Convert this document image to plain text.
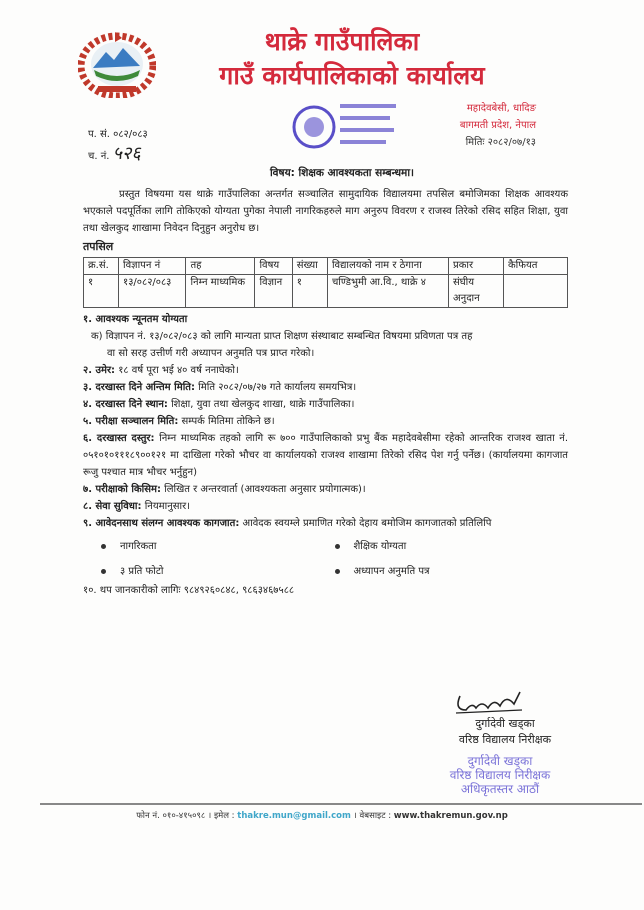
थाक्रे गाउँपालिका
गाउँ कार्यपालिकाको कार्यालय
महादेवबेसी, धादिङ
बागमती प्रदेश, नेपाल
मितिः २०८२/०७/१३
प. सं. ०८२/०८३
च. नं. ५२६
विषय: शिक्षक आवश्यकता सम्बन्धमा।

प्रस्तुत विषयमा यस थाक्रे गाउँपालिका अन्तर्गत सञ्चालित सामुदायिक विद्यालयमा तपसिल बमोजिमका शिक्षक आवश्यक भएकाले पदपूर्तिका लागि तोकिएको योग्यता पुगेका नेपाली नागरिकहरुले माग अनुरुप विवरण र राजस्व तिरेको रसिद सहित शिक्षा, युवा तथा खेलकुद शाखामा निवेदन दिनुहुन अनुरोध छ।

तपसिल
क्र.सं.	विज्ञापन नं	तह	विषय	संख्या	विद्यालयको नाम र ठेगाना	प्रकार	कैफियत
१	१३/०८२/०८३	निम्न माध्यमिक	विज्ञान	१	चण्डिभुमी आ.वि., थाक्रे ४	संघीय अनुदान	

१. आवश्यक न्यूनतम योग्यता

क) विज्ञापन नं. १३/०८२/०८३ को लागि मान्यता प्राप्त शिक्षण संस्थाबाट सम्बन्धित विषयमा प्रविणता पत्र तह

वा सो सरह उत्तीर्ण गरी अध्यापन अनुमति पत्र प्राप्त गरेको।

२. उमेर: १८ वर्ष पूरा भई ४० वर्ष ननाघेको।

३. दरखास्त दिने अन्तिम मिति: मिति २०८२/०७/२७ गते कार्यालय समयभित्र।

४. दरखास्त दिने स्थान: शिक्षा, युवा तथा खेलकुद शाखा, थाक्रे गाउँपालिका।

५. परीक्षा सञ्चालन मिति: सम्पर्क मितिमा तोकिने छ।

६. दरखास्त दस्तुर: निम्न माध्यमिक तहको लागि रू ७०० गाउँपालिकाको प्रभु बैंक महादेवबेसीमा रहेको आन्तरिक राजश्व खाता नं. ०५१०१०१११८९००१२१ मा दाखिला गरेको भौचर वा कार्यालयको राजश्व शाखामा तिरेको रसिद पेश गर्नु पर्नेछ। (कार्यालयमा कागजात रूजु पश्चात मात्र भौचर भर्नुहुन)

७. परीक्षाको किसिम: लिखित र अन्तरवार्ता (आवश्यकता अनुसार प्रयोगात्मक)।

८. सेवा सुविधा: नियमानुसार।

९. आवेदनसाथ संलग्न आवश्यक कागजात: आवेदक स्वयम्ले प्रमाणित गरेको देहाय बमोजिम कागजातको प्रतिलिपि

नागरिकता	शैक्षिक योग्यता
३ प्रति फोटो	अध्यापन अनुमति पत्र

१०. थप जानकारीको लागिः ९८४९२६०८४८, ९८६३४६७५८८

दुर्गादेवी खड्का
वरिष्ठ विद्यालय निरीक्षक
दुर्गादेवी खड्का
वरिष्ठ विद्यालय निरीक्षक
अधिकृतस्तर आठौं
फोन नं. ०१०-४१५०९८ । इमेल : thakre.mun@gmail.com । वेबसाइट : www.thakremun.gov.np
